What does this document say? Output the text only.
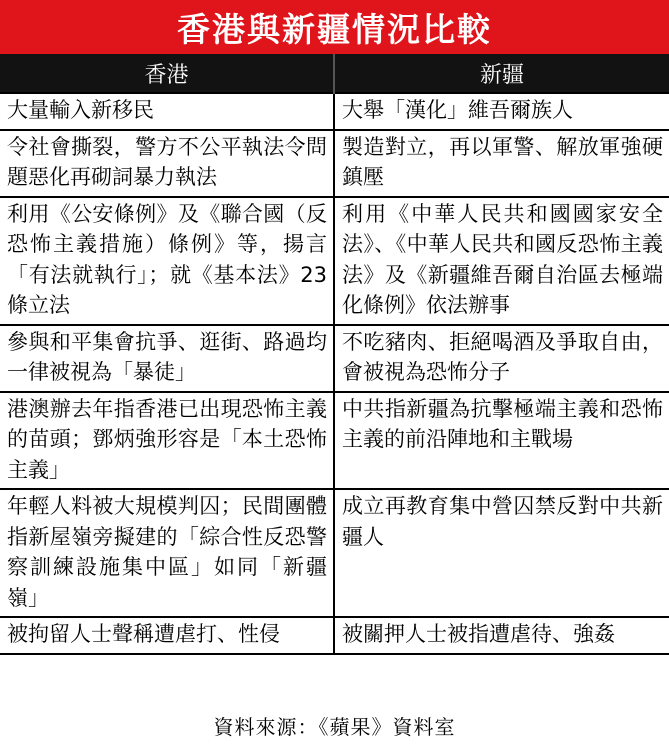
香港與新疆情況比較
香港	新疆
大量輸入新移民	大舉「漢化」維吾爾族人
令社會撕裂，警方不公平執法令問題惡化再砌詞暴力執法	製造對立，再以軍警、解放軍強硬鎮壓
利用《公安條例》及《聯合國（反恐怖主義措施）條例》等，揚言「有法就執行」；就《基本法》23條立法	利用《中華人民共和國國家安全法》、《中華人民共和國反恐怖主義法》及《新疆維吾爾自治區去極端化條例》依法辦事
參與和平集會抗爭、逛街、路過均一律被視為「暴徒」	不吃豬肉、拒絕喝酒及爭取自由，會被視為恐怖分子
港澳辦去年指香港已出現恐怖主義的苗頭；鄧炳強形容是「本土恐怖主義」	中共指新疆為抗擊極端主義和恐怖主義的前沿陣地和主戰場
年輕人料被大規模判囚；民間團體指新屋嶺旁擬建的「綜合性反恐警察訓練設施集中區」如同「新疆嶺」	成立再教育集中營囚禁反對中共新疆人
被拘留人士聲稱遭虐打、性侵	被關押人士被指遭虐待、強姦
資料來源：《蘋果》資料室
